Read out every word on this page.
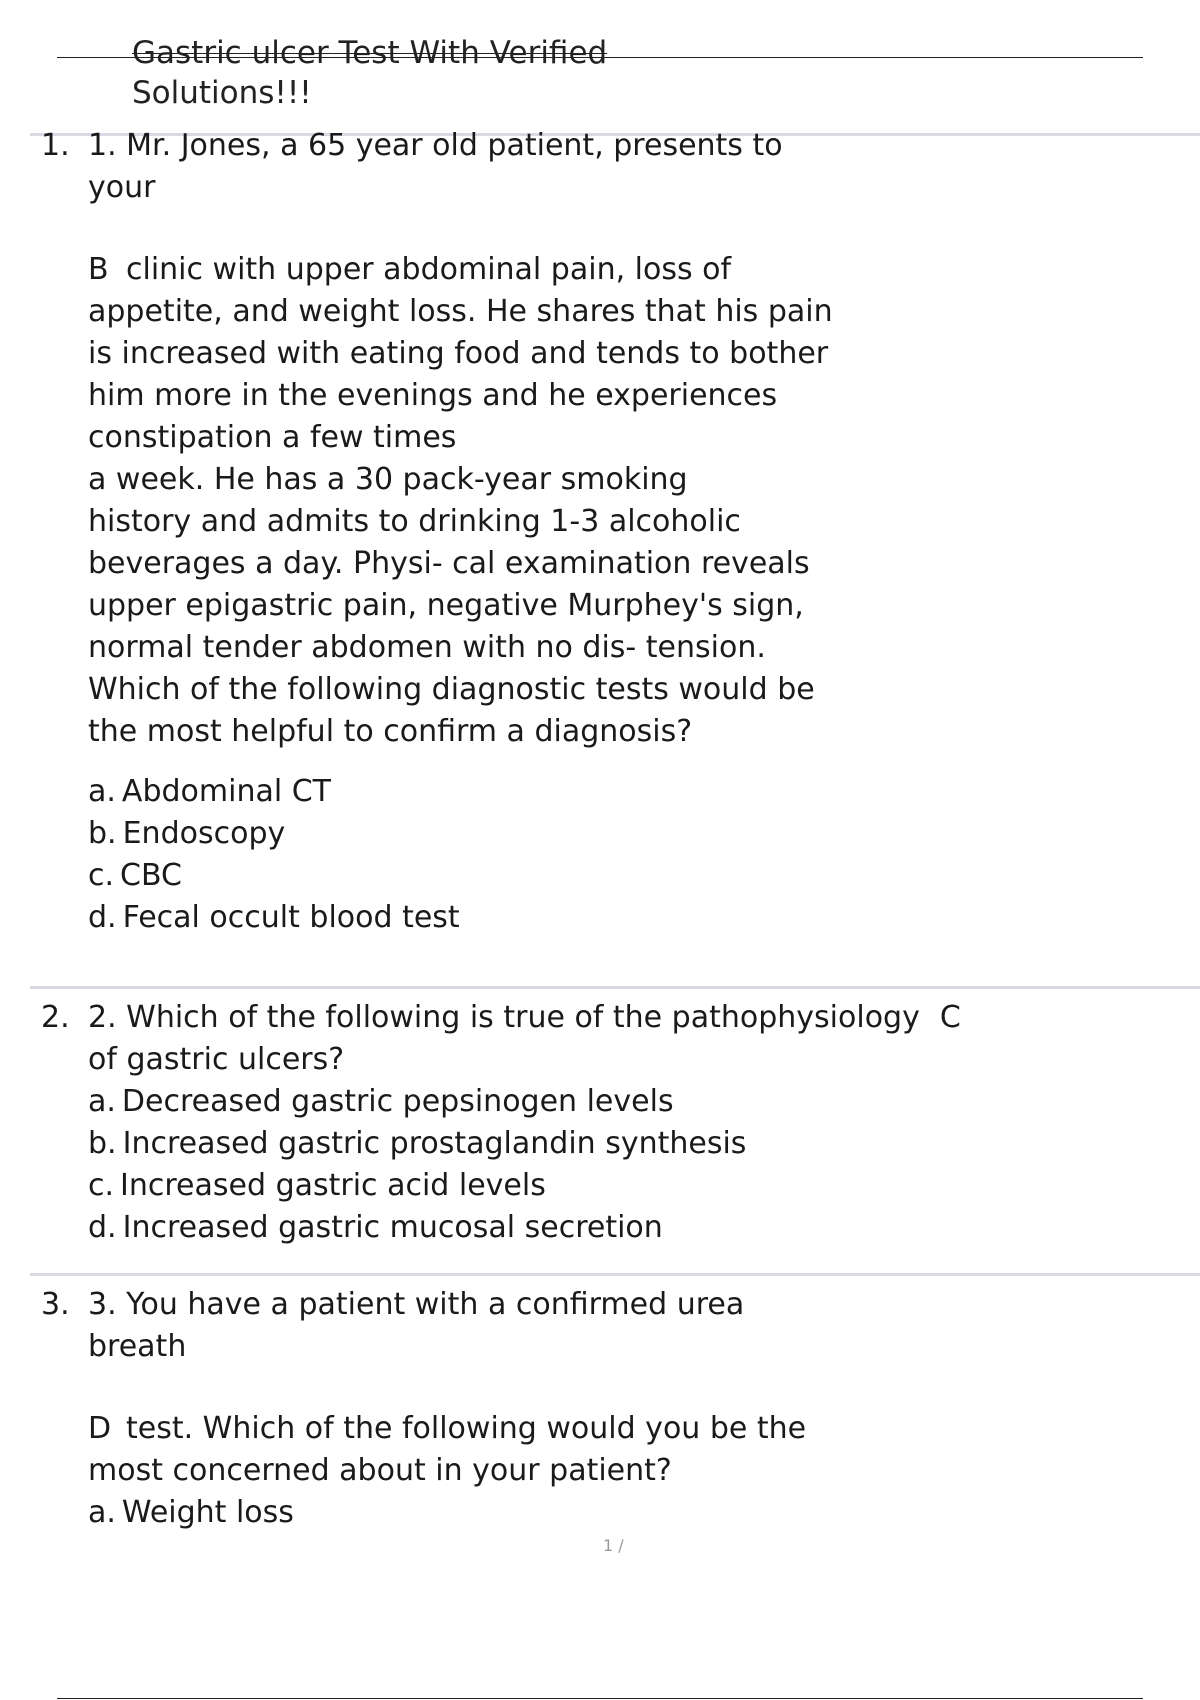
Gastric ulcer Test With Verified
Solutions!!!
1. 1. Mr. Jones, a 65 year old patient, presents to
your
B clinic with upper abdominal pain, loss of
appetite, and weight loss. He shares that his pain
is increased with eating food and tends to bother
him more in the evenings and he experiences
constipation a few times
a week. He has a 30 pack-year smoking
history and admits to drinking 1-3 alcoholic
beverages a day. Physi- cal examination reveals
upper epigastric pain, negative Murphey's sign,
normal tender abdomen with no dis- tension.
Which of the following diagnostic tests would be
the most helpful to confirm a diagnosis?
a. Abdominal CT
b. Endoscopy
c. CBC
d. Fecal occult blood test
2. 2. Which of the following is true of the pathophysiology C
of gastric ulcers?
a. Decreased gastric pepsinogen levels
b. Increased gastric prostaglandin synthesis
c. Increased gastric acid levels
d. Increased gastric mucosal secretion
3. 3. You have a patient with a confirmed urea
breath
D test. Which of the following would you be the
most concerned about in your patient?
a. Weight loss
1 /
